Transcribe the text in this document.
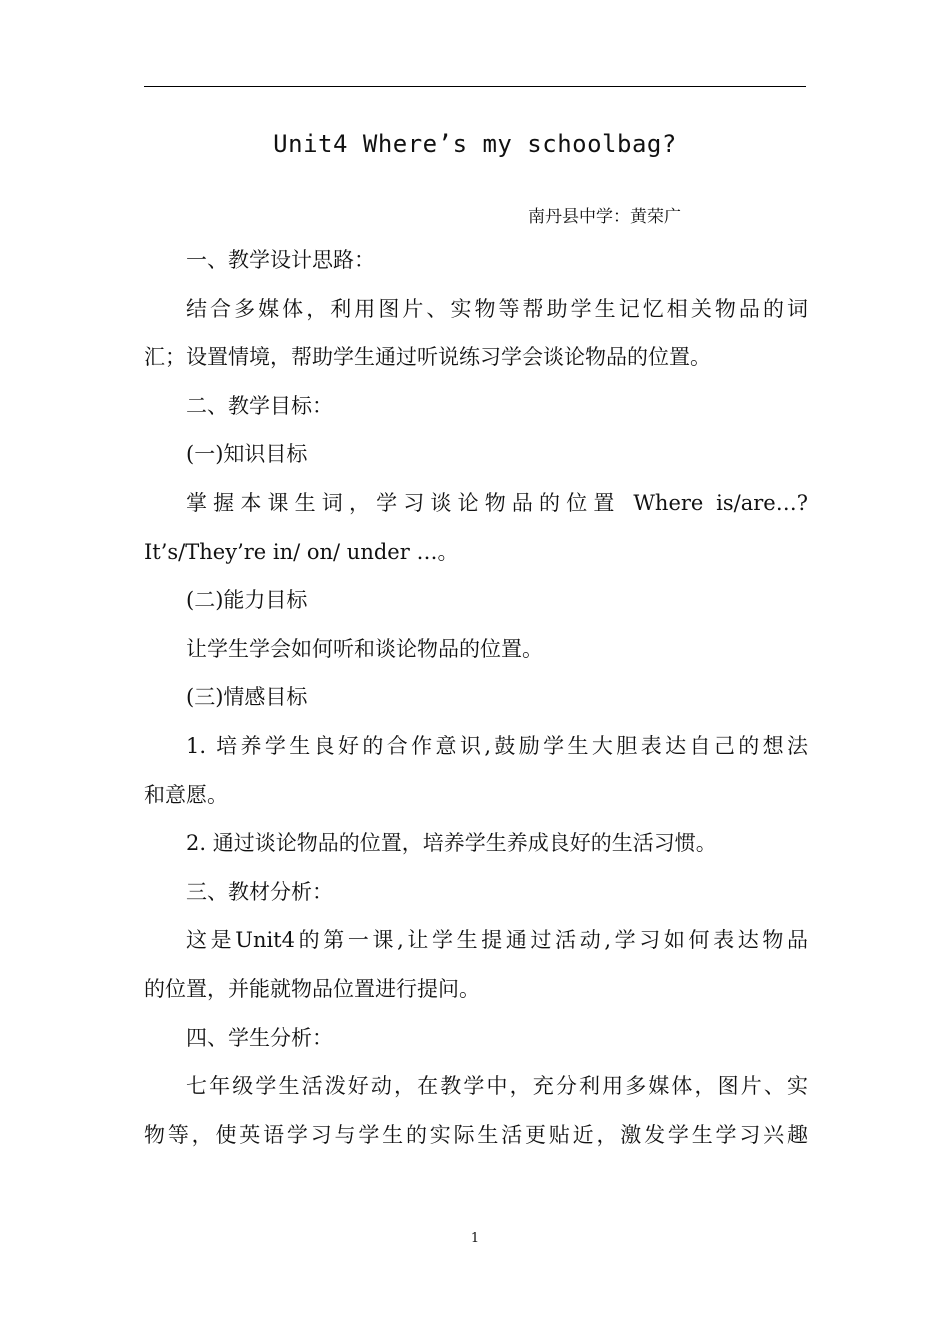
Unit4 Where’s my schoolbag?
南丹县中学：黄荣广
一、教学设计思路：
结合多媒体，利用图片、实物等帮助学生记忆相关物品的词
汇；设置情境，帮助学生通过听说练习学会谈论物品的位置。
二、教学目标：
(一)知识目标
掌握本课生词，学习谈论物品的位置 Where is/are…?
It’s/They’re in/ on/ under …。
(二)能力目标
让学生学会如何听和谈论物品的位置。
(三)情感目标
1. 培养学生良好的合作意识,鼓励学生大胆表达自己的想法
和意愿。
2. 通过谈论物品的位置，培养学生养成良好的生活习惯。
三、教材分析：
这是Unit4的第一课,让学生提通过活动,学习如何表达物品
的位置，并能就物品位置进行提问。
四、学生分析：
七年级学生活泼好动，在教学中，充分利用多媒体，图片、实
物等，使英语学习与学生的实际生活更贴近，激发学生学习兴趣
1
